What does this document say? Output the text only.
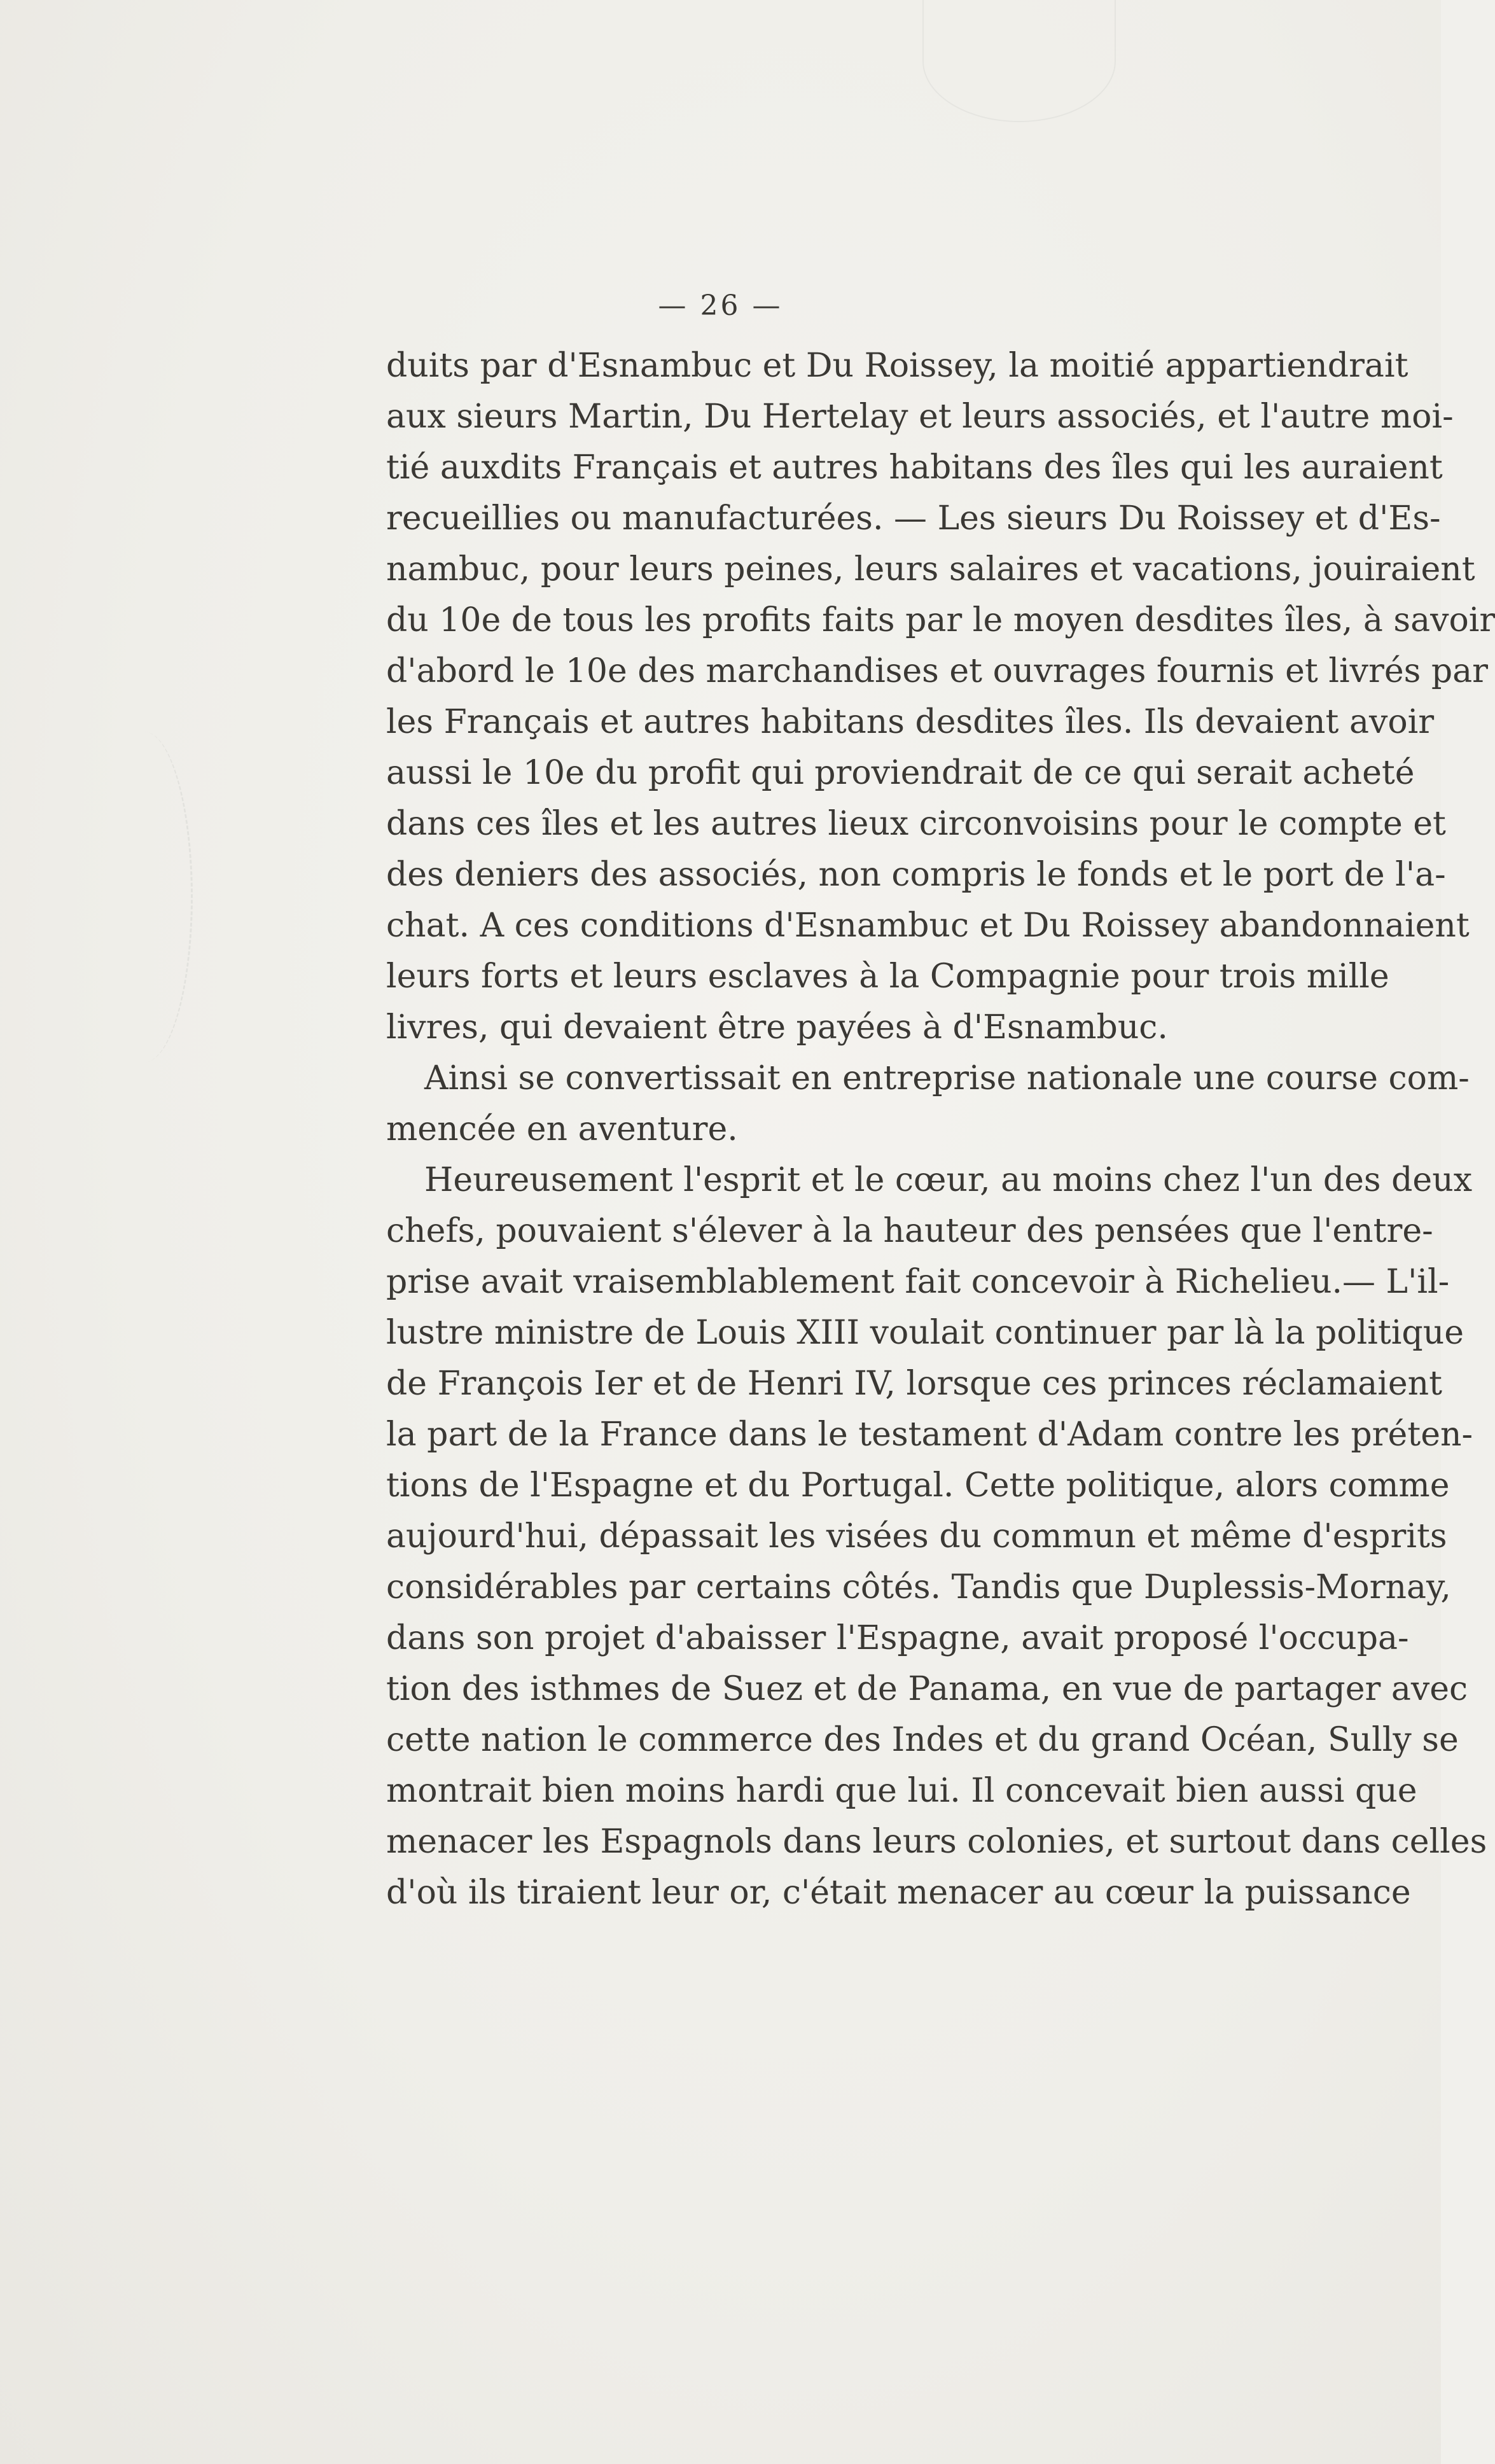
— 26 —
duits par d'Esnambuc et Du Roissey, la moitié appartiendrait
aux sieurs Martin, Du Hertelay et leurs associés, et l'autre moi-
tié auxdits Français et autres habitans des îles qui les auraient
recueillies ou manufacturées. — Les sieurs Du Roissey et d'Es-
nambuc, pour leurs peines, leurs salaires et vacations, jouiraient
du 10e de tous les profits faits par le moyen desdites îles, à savoir
d'abord le 10e des marchandises et ouvrages fournis et livrés par
les Français et autres habitans desdites îles. Ils devaient avoir
aussi le 10e du profit qui proviendrait de ce qui serait acheté
dans ces îles et les autres lieux circonvoisins pour le compte et
des deniers des associés, non compris le fonds et le port de l'a-
chat. A ces conditions d'Esnambuc et Du Roissey abandonnaient
leurs forts et leurs esclaves à la Compagnie pour trois mille
livres, qui devaient être payées à d'Esnambuc.
Ainsi se convertissait en entreprise nationale une course com-
mencée en aventure.
Heureusement l'esprit et le cœur, au moins chez l'un des deux
chefs, pouvaient s'élever à la hauteur des pensées que l'entre-
prise avait vraisemblablement fait concevoir à Richelieu.— L'il-
lustre ministre de Louis XIII voulait continuer par là la politique
de François Ier et de Henri IV, lorsque ces princes réclamaient
la part de la France dans le testament d'Adam contre les préten-
tions de l'Espagne et du Portugal. Cette politique, alors comme
aujourd'hui, dépassait les visées du commun et même d'esprits
considérables par certains côtés. Tandis que Duplessis-Mornay,
dans son projet d'abaisser l'Espagne, avait proposé l'occupa-
tion des isthmes de Suez et de Panama, en vue de partager avec
cette nation le commerce des Indes et du grand Océan, Sully se
montrait bien moins hardi que lui. Il concevait bien aussi que
menacer les Espagnols dans leurs colonies, et surtout dans celles
d'où ils tiraient leur or, c'était menacer au cœur la puissance
